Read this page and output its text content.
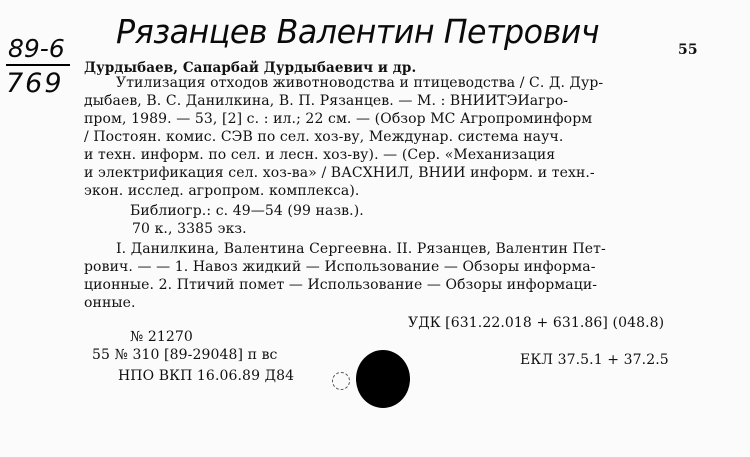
89-6
769
Рязанцев Валентин Петрович	55
Дурдыбаев, Сапарбай Дурдыбаевич и др.
Утилизация отходов животноводства и птицеводства / С. Д. Дур-
дыбаев, В. С. Данилкина, В. П. Рязанцев. — М. : ВНИИТЭИагро-
пром, 1989. — 53, [2] с. : ил.; 22 см. — (Обзор МС Агропроминформ
/ Постоян. комис. СЭВ по сел. хоз-ву, Междунар. система науч.
и техн. информ. по сел. и лесн. хоз-ву). — (Сер. «Механизация
и электрификация сел. хоз-ва» / ВАСХНИЛ, ВНИИ информ. и техн.-
экон. исслед. агропром. комплекса).
Библиогр.: с. 49—54 (99 назв.).
70 к., 3385 экз.
I. Данилкина, Валентина Сергеевна. II. Рязанцев, Валентин Пет-
рович. — — 1. Навоз жидкий — Использование — Обзоры информа-
ционные. 2. Птичий помет — Использование — Обзоры информаци-
онные.
УДК [631.22.018 + 631.86] (048.8)
№ 21270
55 № 310 [89-29048] п вс	ЕКЛ 37.5.1 + 37.2.5
НПО ВКП 16.06.89 Д84
